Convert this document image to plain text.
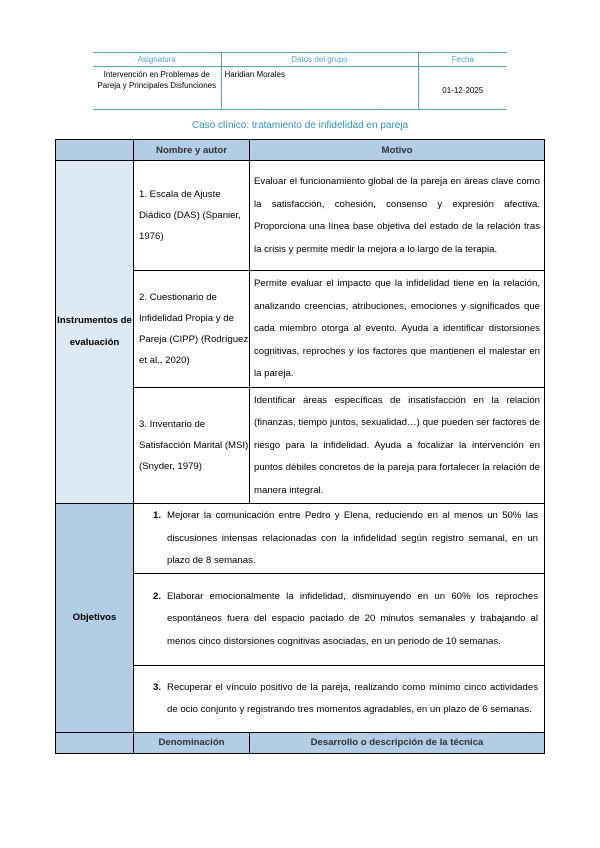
Asignatura	Datos del grupo	Fecha
Intervención en Problemas de Pareja y Principales Disfunciones	Haridian Morales	01-12-2025
Caso clínico: tratamiento de infidelidad en pareja
	Nombre y autor	Motivo
Instrumentos de evaluación	1. Escala de Ajuste Diádico (DAS) (Spanier, 1976)	Evaluar el funcionamiento global de la pareja en áreas clave como la satisfacción, cohesión, consenso y expresión afectiva. Proporciona una línea base objetiva del estado de la relación tras la crisis y permite medir la mejora a lo largo de la terapia.
	2. Cuestionario de Infidelidad Propia y de Pareja (CIPP) (Rodríguez et al., 2020)	Permite evaluar el impacto que la infidelidad tiene en la relación, analizando creencias, atribuciones, emociones y significados que cada miembro otorga al evento. Ayuda a identificar distorsiones cognitivas, reproches y los factores que mantienen el malestar en la pareja.
	3. Inventario de Satisfacción Marital (MSI) (Snyder, 1979)	Identificar áreas específicas de insatisfacción en la relación (finanzas, tiempo juntos, sexualidad…) que pueden ser factores de riesgo para la infidelidad. Ayuda a focalizar la intervención en puntos débiles concretos de la pareja para fortalecer la relación de manera integral.
Objetivos	1. Mejorar la comunicación entre Pedro y Elena, reduciendo en al menos un 50% las discusiones intensas relacionadas con la infidelidad según registro semanal, en un plazo de 8 semanas.	

	2. Elaborar emocionalmente la infidelidad, disminuyendo en un 60% los reproches espontáneos fuera del espacio pactado de 20 minutos semanales y trabajando al menos cinco distorsiones cognitivas asociadas, en un periodo de 10 semanas.	

	3. Recuperar el vínculo positivo de la pareja, realizando como mínimo cinco actividades de ocio conjunto y registrando tres momentos agradables, en un plazo de 6 semanas.	

	Denominación	Desarrollo o descripción de la técnica
